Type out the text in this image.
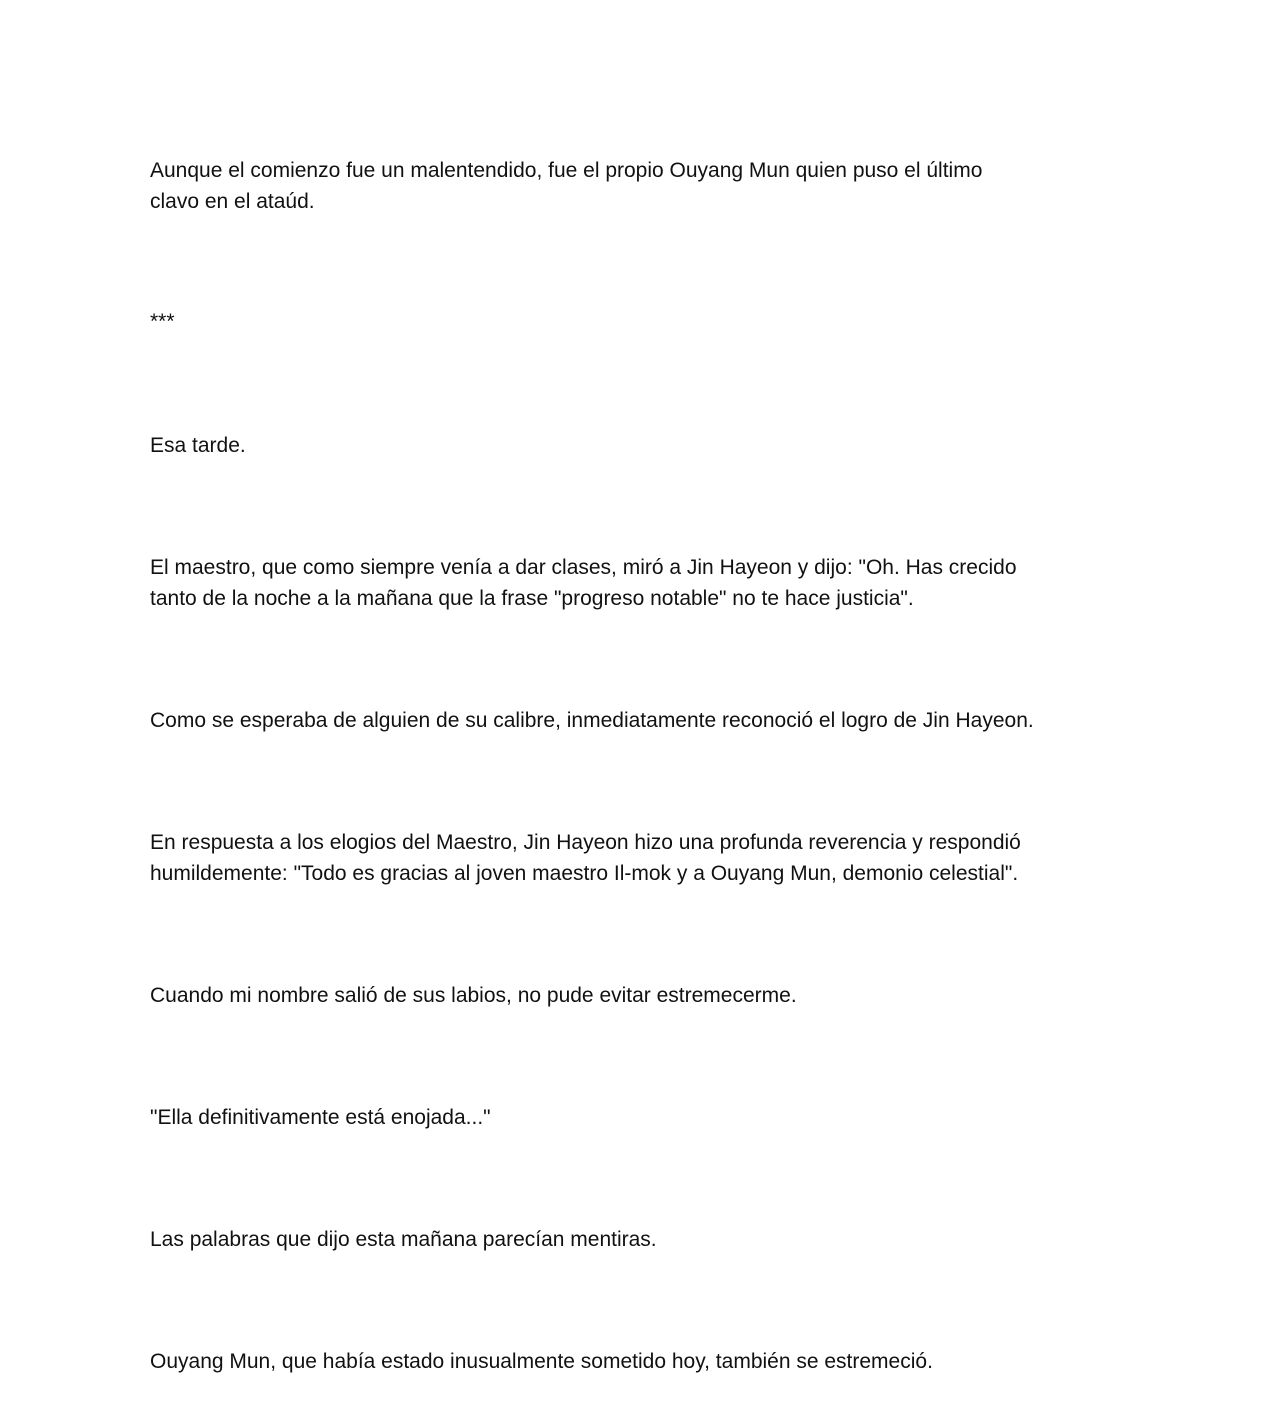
Aunque el comienzo fue un malentendido, fue el propio Ouyang Mun quien puso el último
clavo en el ataúd.

***

Esa tarde.

El maestro, que como siempre venía a dar clases, miró a Jin Hayeon y dijo: "Oh. Has crecido
tanto de la noche a la mañana que la frase "progreso notable" no te hace justicia".

Como se esperaba de alguien de su calibre, inmediatamente reconoció el logro de Jin Hayeon.

En respuesta a los elogios del Maestro, Jin Hayeon hizo una profunda reverencia y respondió
humildemente: "Todo es gracias al joven maestro Il-mok y a Ouyang Mun, demonio celestial".

Cuando mi nombre salió de sus labios, no pude evitar estremecerme.

"Ella definitivamente está enojada..."

Las palabras que dijo esta mañana parecían mentiras.

Ouyang Mun, que había estado inusualmente sometido hoy, también se estremeció.
